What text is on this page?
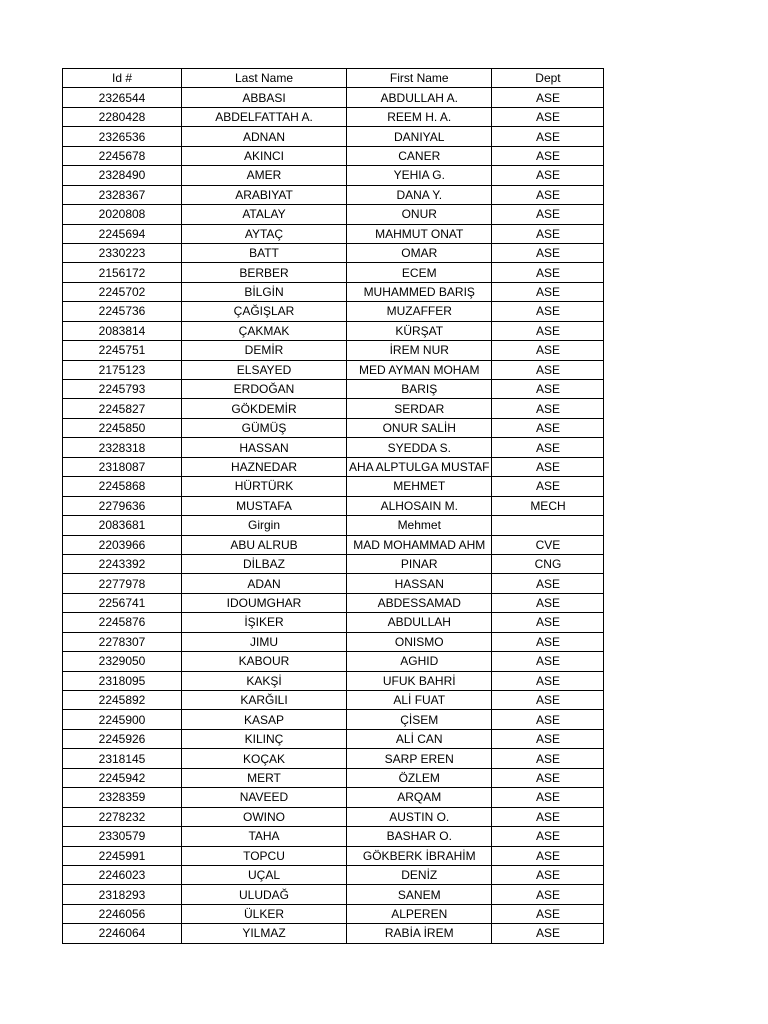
Id #	Last Name	First Name	Dept
2326544	ABBASI	ABDULLAH A.	ASE
2280428	ABDELFATTAH A.	REEM H. A.	ASE
2326536	ADNAN	DANIYAL	ASE
2245678	AKINCI	CANER	ASE
2328490	AMER	YEHIA G.	ASE
2328367	ARABIYAT	DANA Y.	ASE
2020808	ATALAY	ONUR	ASE
2245694	AYTAÇ	MAHMUT ONAT	ASE
2330223	BATT	OMAR	ASE
2156172	BERBER	ECEM	ASE
2245702	BİLGİN	MUHAMMED BARIŞ	ASE
2245736	ÇAĞIŞLAR	MUZAFFER	ASE
2083814	ÇAKMAK	KÜRŞAT	ASE
2245751	DEMİR	İREM NUR	ASE
2175123	ELSAYED	MED AYMAN MOHAM	ASE
2245793	ERDOĞAN	BARIŞ	ASE
2245827	GÖKDEMİR	SERDAR	ASE
2245850	GÜMÜŞ	ONUR SALİH	ASE
2328318	HASSAN	SYEDDA S.	ASE
2318087	HAZNEDAR	AHA ALPTULGA MUSTAF	ASE
2245868	HÜRTÜRK	MEHMET	ASE
2279636	MUSTAFA	ALHOSAIN M.	MECH
2083681	Girgin	Mehmet	
2203966	ABU ALRUB	MAD MOHAMMAD AHM	CVE
2243392	DİLBAZ	PINAR	CNG
2277978	ADAN	HASSAN	ASE
2256741	IDOUMGHAR	ABDESSAMAD	ASE
2245876	İŞIKER	ABDULLAH	ASE
2278307	JIMU	ONISMO	ASE
2329050	KABOUR	AGHID	ASE
2318095	KAKŞİ	UFUK BAHRİ	ASE
2245892	KARĞILI	ALİ FUAT	ASE
2245900	KASAP	ÇİSEM	ASE
2245926	KILINÇ	ALİ CAN	ASE
2318145	KOÇAK	SARP EREN	ASE
2245942	MERT	ÖZLEM	ASE
2328359	NAVEED	ARQAM	ASE
2278232	OWINO	AUSTIN O.	ASE
2330579	TAHA	BASHAR O.	ASE
2245991	TOPCU	GÖKBERK İBRAHİM	ASE
2246023	UÇAL	DENİZ	ASE
2318293	ULUDAĞ	SANEM	ASE
2246056	ÜLKER	ALPEREN	ASE
2246064	YILMAZ	RABİA İREM	ASE
